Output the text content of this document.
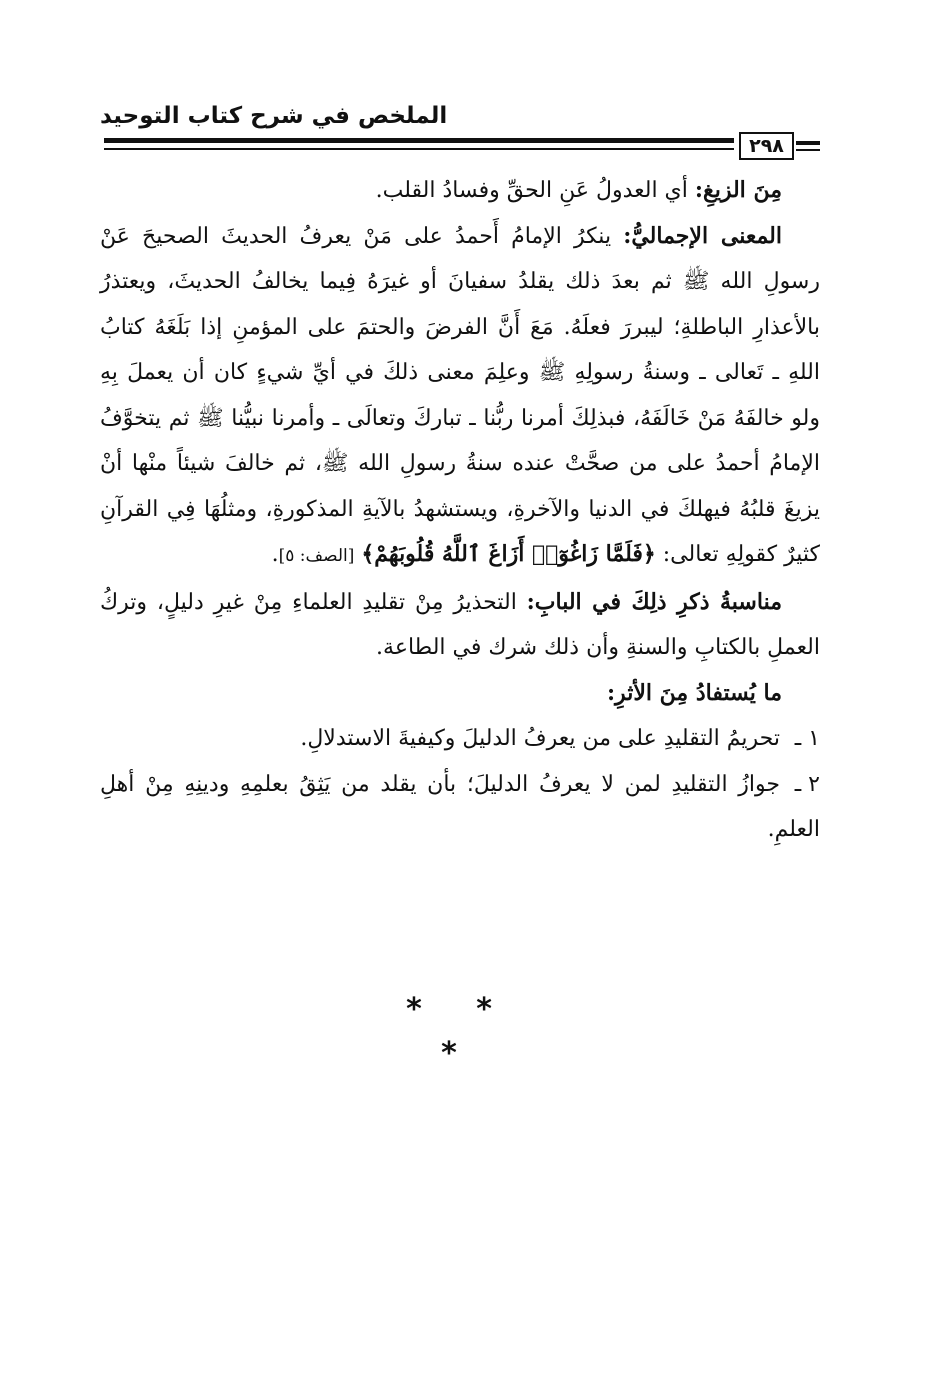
الملخص في شرح كتاب التوحيد
٢٩٨

مِنَ الزيغِ: أي العدولُ عَنِ الحقِّ وفسادُ القلب.

المعنى الإجماليُّ: ينكرُ الإمامُ أَحمدُ على مَنْ يعرفُ الحديثَ الصحيحَ عَنْ رسولِ الله ﷺ ثم بعدَ ذلك يقلدُ سفيانَ أو غيرَهُ فِيما يخالفُ الحديثَ، ويعتذرُ بالأعذارِ الباطلةِ؛ ليبررَ فعلَهُ. مَعَ أَنَّ الفرضَ والحتمَ على المؤمنِ إذا بَلَغَهُ كتابُ اللهِ ـ تَعالى ـ وسنةُ رسولِهِ ﷺ وعلِمَ معنى ذلكَ في أيِّ شيءٍ كان أن يعملَ بِهِ ولو خالفَهُ مَنْ خَالَفَهُ، فبذلِكَ أمرنا ربُّنا ـ تباركَ وتعالَى ـ وأمرنا نبيُّنا ﷺ ثم يتخوَّفُ الإمامُ أحمدُ على من صحَّتْ عنده سنةُ رسولِ الله ﷺ، ثم خالفَ شيئاً منْها أنْ يزيغَ قلبُهُ فيهلكَ في الدنيا والآخرةِ، ويستشهدُ بالآيةِ المذكورةِ، ومثلُهَا فِي القرآنِ كثيرٌ كقولِهِ تعالى: ﴿فَلَمَّا زَاغُوٓا۟ أَزَاغَ ٱللَّهُ قُلُوبَهُمْ﴾ [الصف: ٥].

مناسبةُ ذكرِ ذلِكَ في البابِ: التحذيرُ مِنْ تقليدِ العلماءِ مِنْ غيرِ دليلٍ، وتركُ العملِ بالكتابِ والسنةِ وأن ذلك شرك في الطاعة.

ما يُستفادُ مِنَ الأثرِ:

١ ـتحريمُ التقليدِ على من يعرفُ الدليلَ وكيفيةَ الاستدلالِ.

٢ ـجوازُ التقليدِ لمن لا يعرفُ الدليلَ؛ بأن يقلد من يَثِقُ بعلمِهِ ودينِهِ مِنْ أهلِ العلمِ.

* * *
